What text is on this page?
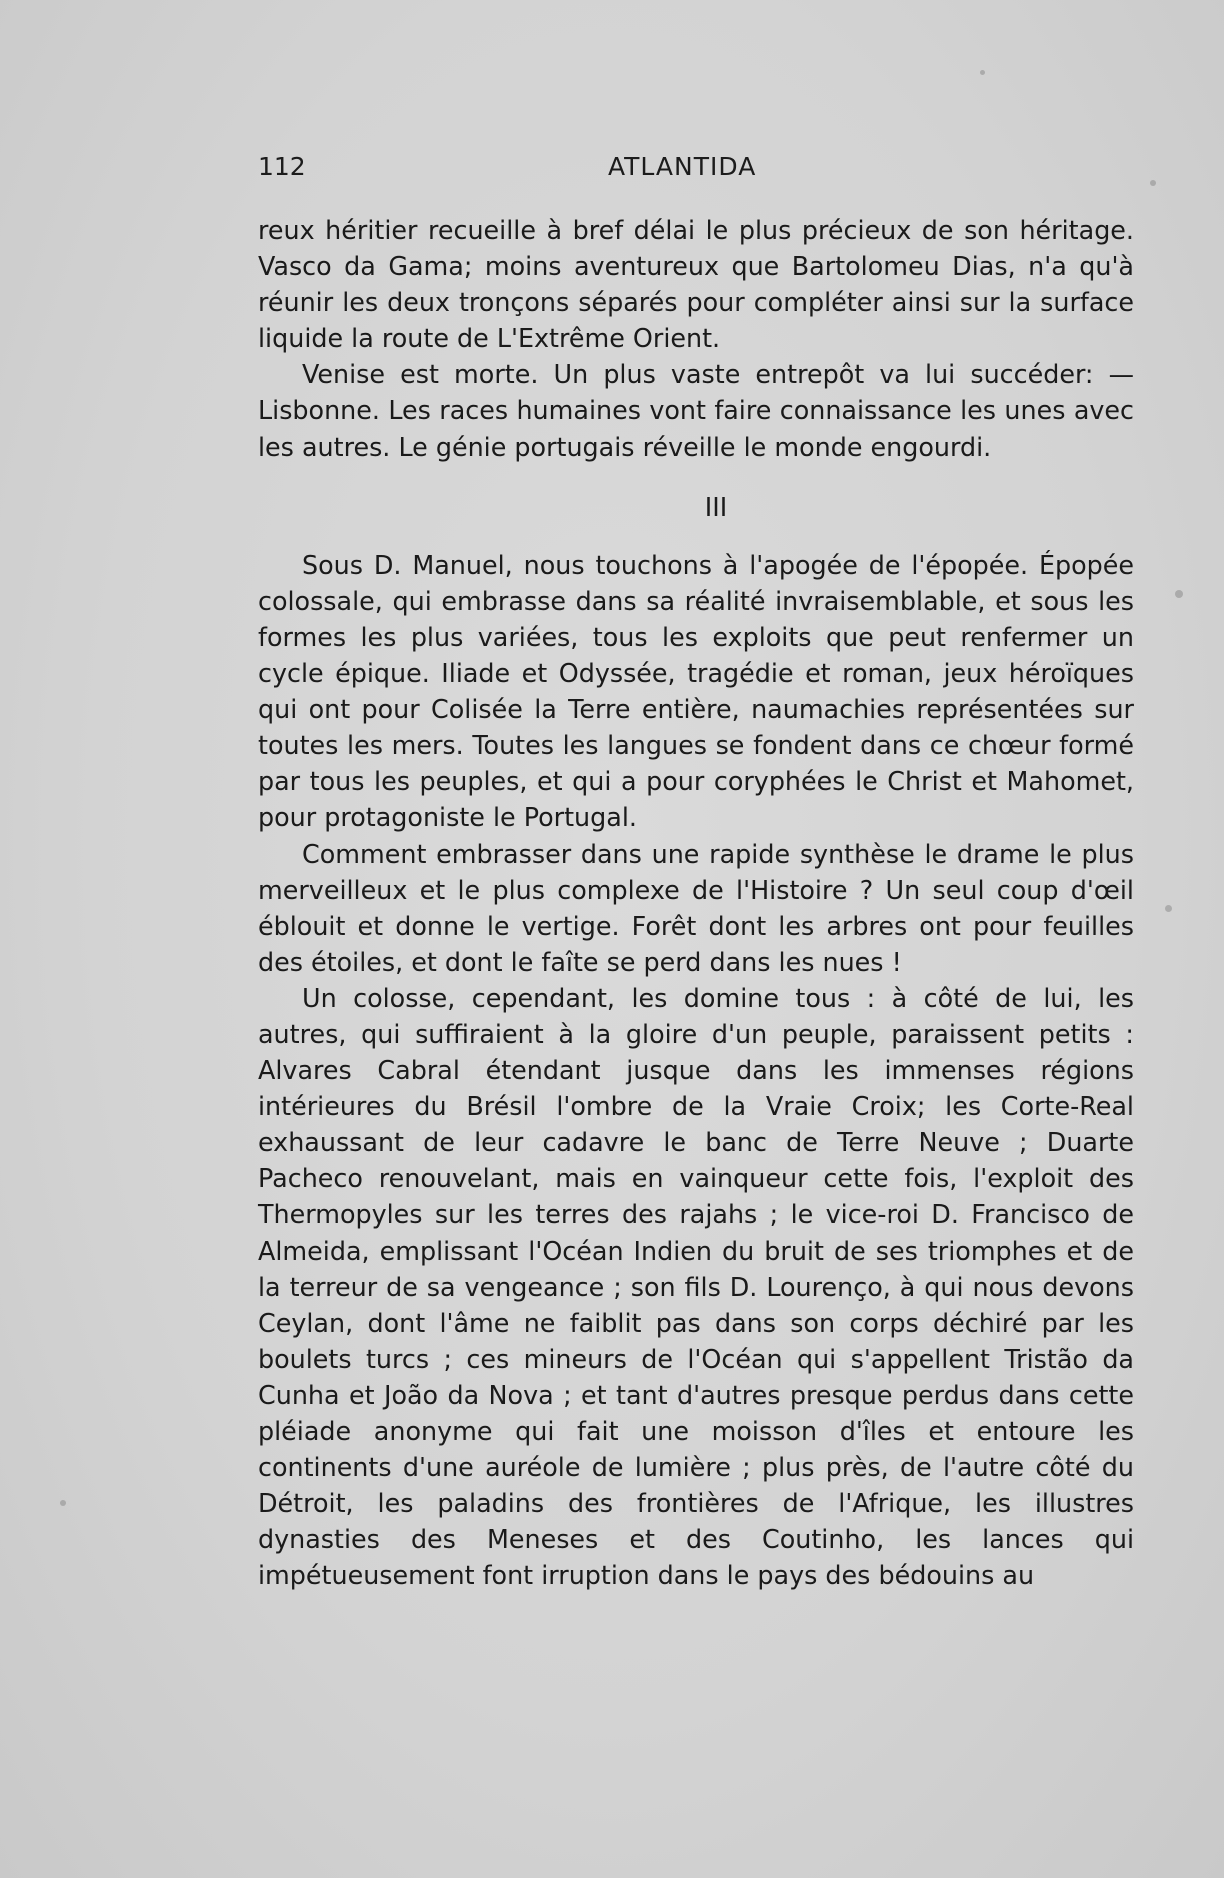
112	ATLANTIDA

reux héritier recueille à bref délai le plus précieux de son héritage. Vasco da Gama; moins aventureux que Bartolomeu Dias, n'a qu'à réunir les deux tronçons séparés pour compléter ainsi sur la surface liquide la route de L'Extrême Orient.

Venise est morte. Un plus vaste entrepôt va lui succéder: — Lisbonne. Les races humaines vont faire connaissance les unes avec les autres. Le génie portugais réveille le monde engourdi.

III

Sous D. Manuel, nous touchons à l'apogée de l'épopée. Épopée colossale, qui embrasse dans sa réalité invraisemblable, et sous les formes les plus variées, tous les exploits que peut renfermer un cycle épique. Iliade et Odyssée, tragédie et roman, jeux héroïques qui ont pour Colisée la Terre entière, naumachies représentées sur toutes les mers. Toutes les langues se fondent dans ce chœur formé par tous les peuples, et qui a pour coryphées le Christ et Mahomet, pour protagoniste le Portugal.

Comment embrasser dans une rapide synthèse le drame le plus merveilleux et le plus complexe de l'Histoire ? Un seul coup d'œil éblouit et donne le vertige. Forêt dont les arbres ont pour feuilles des étoiles, et dont le faîte se perd dans les nues !

Un colosse, cependant, les domine tous : à côté de lui, les autres, qui suffiraient à la gloire d'un peuple, paraissent petits : Alvares Cabral étendant jusque dans les immenses régions intérieures du Brésil l'ombre de la Vraie Croix; les Corte-Real exhaussant de leur cadavre le banc de Terre Neuve ; Duarte Pacheco renouvelant, mais en vainqueur cette fois, l'exploit des Thermopyles sur les terres des rajahs ; le vice-roi D. Francisco de Almeida, emplissant l'Océan Indien du bruit de ses triomphes et de la terreur de sa vengeance ; son fils D. Lourenço, à qui nous devons Ceylan, dont l'âme ne faiblit pas dans son corps déchiré par les boulets turcs ; ces mineurs de l'Océan qui s'appellent Tristão da Cunha et João da Nova ; et tant d'autres presque perdus dans cette pléiade anonyme qui fait une moisson d'îles et entoure les continents d'une auréole de lumière ; plus près, de l'autre côté du Détroit, les paladins des frontières de l'Afrique, les illustres dynasties des Meneses et des Coutinho, les lances qui impétueusement font irruption dans le pays des bédouins au
